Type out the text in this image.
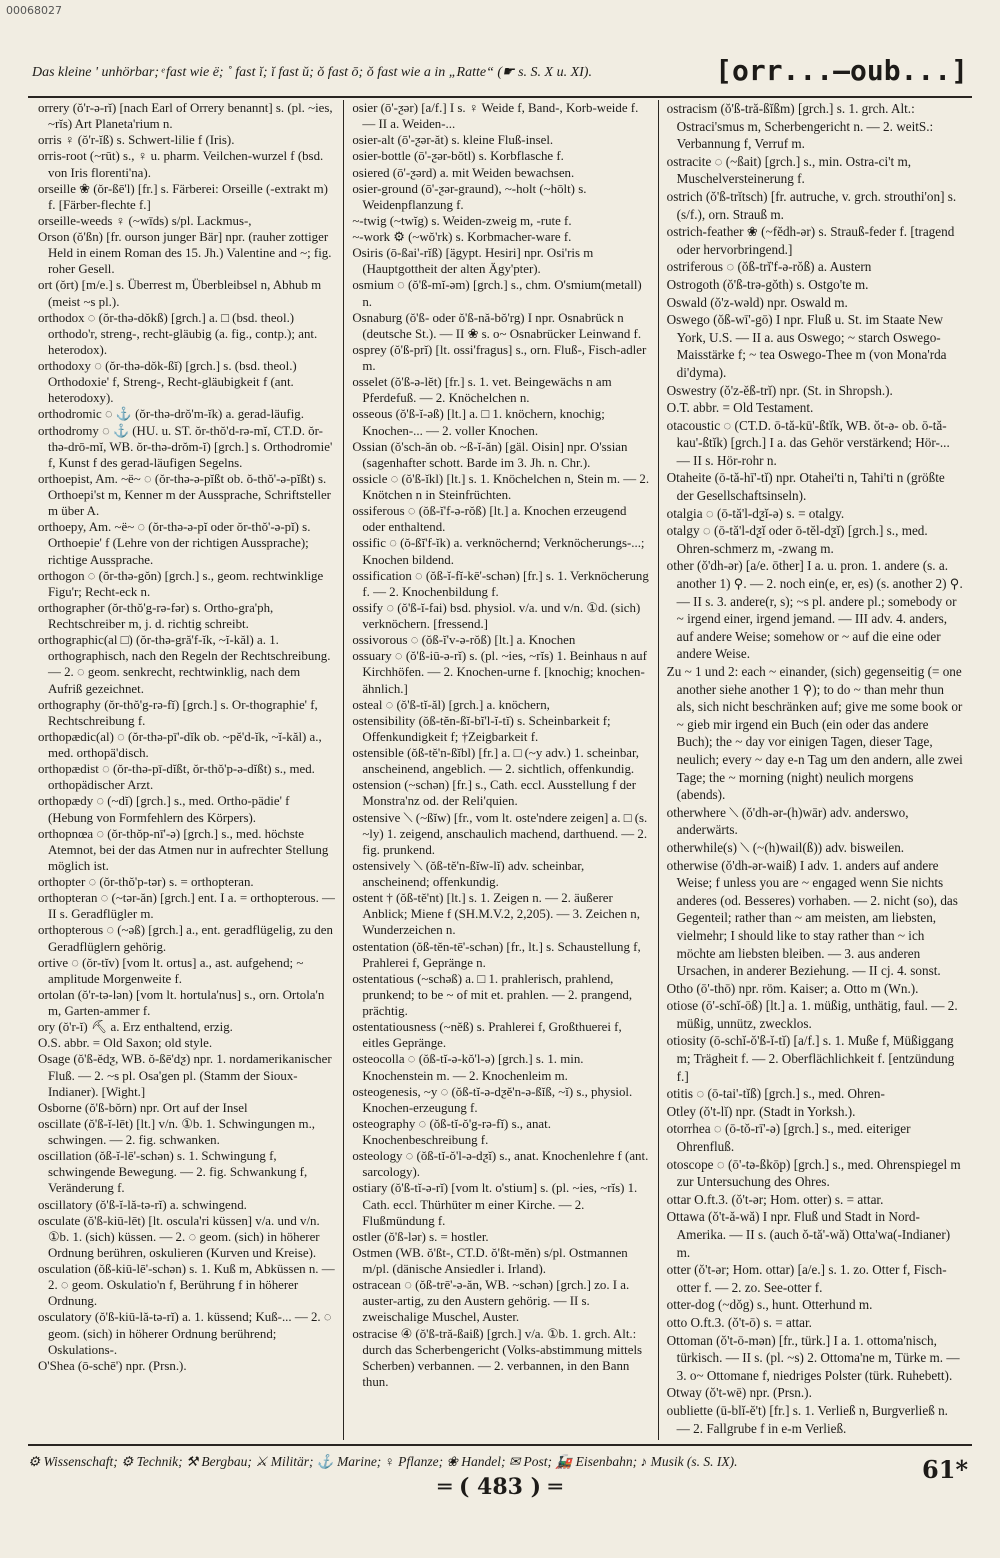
00068027
Das kleine ' unhörbar; ͤ fast wie ë; ˚ fast ĭ; ĭ fast ŭ; ŏ fast ō; ŏ fast wie a in „Ratte“ (☛ s. S. X u. XI).	[orr...—oub...]

orrery (ŏ'r-ə-rĭ) [nach Earl of Orrery benannt] s. (pl. ~ies, ~rĭs) Art Planeta'rium n.

orris ♀ (ŏ'r-ĭß) s. Schwert-lilie f (Iris).

orris-root (~rūt) s., ♀ u. pharm. Veilchen-wurzel f (bsd. von Iris florenti'na).

orseille ❀ (ŏr-ßē'l) [fr.] s. Färberei: Orseille (-extrakt m) f. [Färber-flechte f.]

orseille-weeds ♀ (~wīds) s/pl. Lackmus-,

Orson (ŏ'ßn) [fr. ourson junger Bär] npr. (rauher zottiger Held in einem Roman des 15. Jh.) Valentine and ~; fig. roher Gesell.

ort (ŏrt) [m/e.] s. Überrest m, Überbleibsel n, Abhub m (meist ~s pl.).

orthodox ◌ (ŏr-thə-dŏkß) [grch.] a. □ (bsd. theol.) orthodo'r, streng-, recht-gläubig (a. fig., contp.); ant. heterodox).

orthodoxy ◌ (ŏr-thə-dŏk-ßĭ) [grch.] s. (bsd. theol.) Orthodoxie' f, Streng-, Recht-gläubigkeit f (ant. heterodoxy).

orthodromic ◌ ⚓ (ŏr-thə-drŏ'm-ĭk) a. gerad-läufig.

orthodromy ◌ ⚓ (HU. u. ST. ŏr-thŏ'd-rə-mĭ, CT.D. ŏr-thə-drō-mĭ, WB. ŏr-thə-drŏm-ĭ) [grch.] s. Orthodromie' f, Kunst f des gerad-läufigen Segelns.

orthoepist, Am. ~ë~ ◌ (ŏr-thə-ə-pĭßt ob. ŏ-thŏ'-ə-pĭßt) s. Orthoepi'st m, Kenner m der Aussprache, Schriftsteller m über A.

orthoepy, Am. ~ë~ ◌ (ŏr-thə-ə-pĭ oder ŏr-thŏ'-ə-pĭ) s. Orthoepie' f (Lehre von der richtigen Aussprache); richtige Aussprache.

orthogon ◌ (ŏr-thə-gŏn) [grch.] s., geom. rechtwinklige Figu'r; Recht-eck n.

orthographer (ŏr-thŏ'g-rə-fər) s. Ortho-gra'ph, Rechtschreiber m, j. d. richtig schreibt.

orthographic(al □) (ŏr-thə-gră'f-ĭk, ~ĭ-kăl) a. 1. orthographisch, nach den Regeln der Rechtschreibung. — 2. ◌ geom. senkrecht, rechtwinklig, nach dem Aufriß gezeichnet.

orthography (ŏr-thŏ'g-rə-fĭ) [grch.] s. Or-thographie' f, Rechtschreibung f.

orthopædic(al) ◌ (ŏr-thə-pī'-dĭk ob. ~pĕ'd-ĭk, ~ĭ-kăl) a., med. orthopä'disch.

orthopædist ◌ (ŏr-thə-pī-dĭßt, ŏr-thŏ'p-ə-dĭßt) s., med. orthopädischer Arzt.

orthopædy ◌ (~dĭ) [grch.] s., med. Ortho-pädie' f (Hebung von Formfehlern des Körpers).

orthopnœa ◌ (ŏr-thŏp-nī'-ə) [grch.] s., med. höchste Atemnot, bei der das Atmen nur in aufrechter Stellung möglich ist.

orthopter ◌ (ŏr-thŏ'p-tər) s. = orthopteran.

orthopteran ◌ (~tər-ăn) [grch.] ent. I a. = orthopterous. — II s. Geradflügler m.

orthopterous ◌ (~əß) [grch.] a., ent. geradflügelig, zu den Geradflüglern gehörig.

ortive ◌ (ŏr-tĭv) [vom lt. ortus] a., ast. aufgehend; ~ amplitude Morgenweite f.

ortolan (ŏ'r-tə-lən) [vom lt. hortula'nus] s., orn. Ortola'n m, Garten-ammer f.

ory (ŏ'r-ĭ) ⛏ a. Erz enthaltend, erzig.

O.S. abbr. = Old Saxon; old style.

Osage (ŏ'ß-ĕdƺ, WB. ŏ-ßē'dƺ) npr. 1. nordamerikanischer Fluß. — 2. ~s pl. Osa'gen pl. (Stamm der Sioux-Indianer). [Wight.]

Osborne (ŏ'ß-bŏrn) npr. Ort auf der Insel

oscillate (ŏ'ß-ĭ-lēt) [lt.] v/n. ①b. 1. Schwingungen m., schwingen. — 2. fig. schwanken.

oscillation (ŏß-ĭ-lē'-schən) s. 1. Schwingung f, schwingende Bewegung. — 2. fig. Schwankung f, Veränderung f.

oscillatory (ŏ'ß-ĭ-lă-tə-rĭ) a. schwingend.

osculate (ŏ'ß-kiū-lēt) [lt. oscula'ri küssen] v/a. und v/n. ①b. 1. (sich) küssen. — 2. ◌ geom. (sich) in höherer Ordnung berühren, oskulieren (Kurven und Kreise).

osculation (ŏß-kiū-lē'-schən) s. 1. Kuß m, Abküssen n. — 2. ◌ geom. Oskulatio'n f, Berührung f in höherer Ordnung.

osculatory (ŏ'ß-kiū-lă-tə-rĭ) a. 1. küssend; Kuß-... — 2. ◌ geom. (sich) in höherer Ordnung berührend; Oskulations-.

O'Shea (ō-schē') npr. (Prsn.).

osier (ō'-ƺər) [a/f.] I s. ♀ Weide f, Band-, Korb-weide f. — II a. Weiden-...

osier-alt (ō'-ƺər-ăt) s. kleine Fluß-insel.

osier-bottle (ō'-ƺər-bŏtl) s. Korbflasche f.

osiered (ō'-ƺərd) a. mit Weiden bewachsen.

osier-ground (ō'-ƺər-graund), ~-holt (~hōlt) s. Weidenpflanzung f.

~-twig (~twĭg) s. Weiden-zweig m, -rute f.

~-work ⚙ (~wŏ'rk) s. Korbmacher-ware f.

Osiris (ō-ßai'-rĭß) [ägypt. Hesiri] npr. Osi'ris m (Hauptgottheit der alten Ägy'pter).

osmium ◌ (ŏ'ß-mĭ-əm) [grch.] s., chm. O'smium(metall) n.

Osnaburg (ŏ'ß- oder ŏ'ß-nă-bŏ'rg) I npr. Osnabrück n (deutsche St.). — II ❀ s. o~ Osnabrücker Leinwand f.

osprey (ŏ'ß-prĭ) [lt. ossi'fragus] s., orn. Fluß-, Fisch-adler m.

osselet (ŏ'ß-ə-lĕt) [fr.] s. 1. vet. Beingewächs n am Pferdefuß. — 2. Knöchelchen n.

osseous (ŏ'ß-ĭ-əß) [lt.] a. □ 1. knöchern, knochig; Knochen-... — 2. voller Knochen.

Ossian (ŏ'sch-ăn ob. ~ß-ĭ-ăn) [gäl. Oisin] npr. O'ssian (sagenhafter schott. Barde im 3. Jh. n. Chr.).

ossicle ◌ (ŏ'ß-ĭkl) [lt.] s. 1. Knöchelchen n, Stein m. — 2. Knötchen n in Steinfrüchten.

ossiferous ◌ (ŏß-ĭ'f-ə-rŏß) [lt.] a. Knochen erzeugend oder enthaltend.

ossific ◌ (ŏ-ßĭ'f-ĭk) a. verknöchernd; Verknöcherungs-...; Knochen bildend.

ossification ◌ (ŏß-ĭ-fĭ-kē'-schən) [fr.] s. 1. Verknöcherung f. — 2. Knochenbildung f.

ossify ◌ (ŏ'ß-ĭ-fai) bsd. physiol. v/a. und v/n. ①d. (sich) verknöchern. [fressend.]

ossivorous ◌ (ŏß-ĭ'v-ə-rŏß) [lt.] a. Knochen

ossuary ◌ (ŏ'ß-iū-ə-rĭ) s. (pl. ~ies, ~rĭs) 1. Beinhaus n auf Kirchhöfen. — 2. Knochen-urne f. [knochig; knochen-ähnlich.]

osteal ◌ (ŏ'ß-tĭ-ăl) [grch.] a. knöchern,

ostensibility (ŏß-tĕn-ßĭ-bĭ'l-ĭ-tĭ) s. Scheinbarkeit f; Offenkundigkeit f; †Zeigbarkeit f.

ostensible (ŏß-tĕ'n-ßĭbl) [fr.] a. □ (~y adv.) 1. scheinbar, anscheinend, angeblich. — 2. sichtlich, offenkundig.

ostension (~schən) [fr.] s., Cath. eccl. Ausstellung f der Monstra'nz od. der Reli'quien.

ostensive ⟍ (~ßĭw) [fr., vom lt. oste'ndere zeigen] a. □ (s. ~ly) 1. zeigend, anschaulich machend, darthuend. — 2. fig. prunkend.

ostensively ⟍ (ŏß-tĕ'n-ßĭw-lĭ) adv. scheinbar, anscheinend; offenkundig.

ostent † (ŏß-tĕ'nt) [lt.] s. 1. Zeigen n. — 2. äußerer Anblick; Miene f (SH.M.V.2, 2,205). — 3. Zeichen n, Wunderzeichen n.

ostentation (ŏß-tĕn-tē'-schən) [fr., lt.] s. Schaustellung f, Prahlerei f, Gepränge n.

ostentatious (~schəß) a. □ 1. prahlerisch, prahlend, prunkend; to be ~ of mit et. prahlen. — 2. prangend, prächtig.

ostentatiousness (~nĕß) s. Prahlerei f, Großthuerei f, eitles Gepränge.

osteocolla ◌ (ŏß-tĭ-ə-kŏ'l-ə) [grch.] s. 1. min. Knochenstein m. — 2. Knochenleim m.

osteogenesis, ~y ◌ (ŏß-tĭ-ə-dƺĕ'n-ə-ßĭß, ~ĭ) s., physiol. Knochen-erzeugung f.

osteography ◌ (ŏß-tĭ-ŏ'g-rə-fĭ) s., anat. Knochenbeschreibung f.

osteology ◌ (ŏß-tĭ-ŏ'l-ə-dƺĭ) s., anat. Knochenlehre f (ant. sarcology).

ostiary (ŏ'ß-tĭ-ə-rĭ) [vom lt. o'stium] s. (pl. ~ies, ~rĭs) 1. Cath. eccl. Thürhüter m einer Kirche. — 2. Flußmündung f.

ostler (ŏ'ß-lər) s. = hostler.

Ostmen (WB. ŏ'ßt-, CT.D. ŏ'ßt-mĕn) s/pl. Ostmannen m/pl. (dänische Ansiedler i. Irland).

ostracean ◌ (ŏß-trē'-ə-ăn, WB. ~schən) [grch.] zo. I a. auster-artig, zu den Austern gehörig. — II s. zweischalige Muschel, Auster.

ostracise ④ (ŏ'ß-tră-ßaiß) [grch.] v/a. ①b. 1. grch. Alt.: durch das Scherbengericht (Volks-abstimmung mittels Scherben) verbannen. — 2. verbannen, in den Bann thun.

ostracism (ŏ'ß-tră-ßĭßm) [grch.] s. 1. grch. Alt.: Ostraci'smus m, Scherbengericht n. — 2. weitS.: Verbannung f, Verruf m.

ostracite ◌ (~ßait) [grch.] s., min. Ostra-ci't m, Muschelversteinerung f.

ostrich (ŏ'ß-trĭtsch) [fr. autruche, v. grch. strouthi'on] s. (s/f.), orn. Strauß m.

ostrich-feather ❀ (~fĕdh-ər) s. Strauß-feder f. [tragend oder hervorbringend.]

ostriferous ◌ (ŏß-trĭ'f-ə-rŏß) a. Austern

Ostrogoth (ŏ'ß-trə-gŏth) s. Ostgo'te m.

Oswald (ŏ'z-wəld) npr. Oswald m.

Oswego (ŏß-wī'-gō) I npr. Fluß u. St. im Staate New York, U.S. — II a. aus Oswego; ~ starch Oswego-Maisstärke f; ~ tea Oswego-Thee m (von Mona'rda di'dyma).

Oswestry (ŏ'z-ĕß-trĭ) npr. (St. in Shropsh.).

O.T. abbr. = Old Testament.

otacoustic ◌ (CT.D. ō-tă-kū'-ßtĭk, WB. ŏt-ə- ob. ō-tă-kau'-ßtĭk) [grch.] I a. das Gehör verstärkend; Hör-... — II s. Hör-rohr n.

Otaheite (ō-tă-hī'-tĭ) npr. Otahei'ti n, Tahi'ti n (größte der Gesellschaftsinseln).

otalgia ◌ (ō-tă'l-dƺĭ-ə) s. = otalgy.

otalgy ◌ (ō-tă'l-dƺĭ oder ō-tĕl-dƺĭ) [grch.] s., med. Ohren-schmerz m, -zwang m.

other (ŏ'dh-ər) [a/e. ōther] I a. u. pron. 1. andere (s. a. another 1) ⚲. — 2. noch ein(e, er, es) (s. another 2) ⚲. — II s. 3. andere(r, s); ~s pl. andere pl.; somebody or ~ irgend einer, irgend jemand. — III adv. 4. anders, auf andere Weise; somehow or ~ auf die eine oder andere Weise.

Zu ~ 1 und 2: each ~ einander, (sich) gegenseitig (= one another siehe another 1 ⚲); to do ~ than mehr thun als, sich nicht beschränken auf; give me some book or ~ gieb mir irgend ein Buch (ein oder das andere Buch); the ~ day vor einigen Tagen, dieser Tage, neulich; every ~ day e-n Tag um den andern, alle zwei Tage; the ~ morning (night) neulich morgens (abends).

otherwhere ⟍ (ŏ'dh-ər-(h)wār) adv. anderswo, anderwärts.

otherwhile(s) ⟍ (~(h)wail(ß)) adv. bisweilen.

otherwise (ŏ'dh-ər-waiß) I adv. 1. anders auf andere Weise; f unless you are ~ engaged wenn Sie nichts anderes (od. Besseres) vorhaben. — 2. nicht (so), das Gegenteil; rather than ~ am meisten, am liebsten, vielmehr; I should like to stay rather than ~ ich möchte am liebsten bleiben. — 3. aus anderen Ursachen, in anderer Beziehung. — II cj. 4. sonst.

Otho (ō'-thō) npr. röm. Kaiser; a. Otto m (Wn.).

otiose (ō'-schĭ-ōß) [lt.] a. 1. müßig, unthätig, faul. — 2. müßig, unnütz, zwecklos.

otiosity (ō-schĭ-ŏ'ß-ĭ-tĭ) [a/f.] s. 1. Muße f, Müßiggang m; Trägheit f. — 2. Oberflächlichkeit f. [entzündung f.]

otitis ◌ (ō-tai'-tĭß) [grch.] s., med. Ohren-

Otley (ŏ't-lĭ) npr. (Stadt in Yorksh.).

otorrhea ◌ (ō-tŏ-rī'-ə) [grch.] s., med. eiteriger Ohrenfluß.

otoscope ◌ (ō'-tə-ßkōp) [grch.] s., med. Ohrenspiegel m zur Untersuchung des Ohres.

ottar O.ft.3. (ŏ't-ər; Hom. otter) s. = attar.

Ottawa (ŏ't-ă-wă) I npr. Fluß und Stadt in Nord-Amerika. — II s. (auch ŏ-tă'-wă) Otta'wa(-Indianer) m.

otter (ŏ't-ər; Hom. ottar) [a/e.] s. 1. zo. Otter f, Fisch-otter f. — 2. zo. See-otter f.

otter-dog (~dŏg) s., hunt. Otterhund m.

otto O.ft.3. (ŏ't-ō) s. = attar.

Ottoman (ŏ't-ō-mən) [fr., türk.] I a. 1. ottoma'nisch, türkisch. — II s. (pl. ~s) 2. Ottoma'ne m, Türke m. — 3. o~ Ottomane f, niedriges Polster (türk. Ruhebett).

Otway (ŏ't-wē) npr. (Prsn.).

oubliette (ū-blĭ-ĕ't) [fr.] s. 1. Verließ n, Burgverließ n. — 2. Fallgrube f in e-m Verließ.

⚙ Wissenschaft; ⚙ Technik; ⚒ Bergbau; ⚔ Militär; ⚓ Marine; ♀ Pflanze; ❀ Handel; ✉ Post; 🚂 Eisenbahn; ♪ Musik (s. S. IX).
═ ( 483 ) ═
61*
